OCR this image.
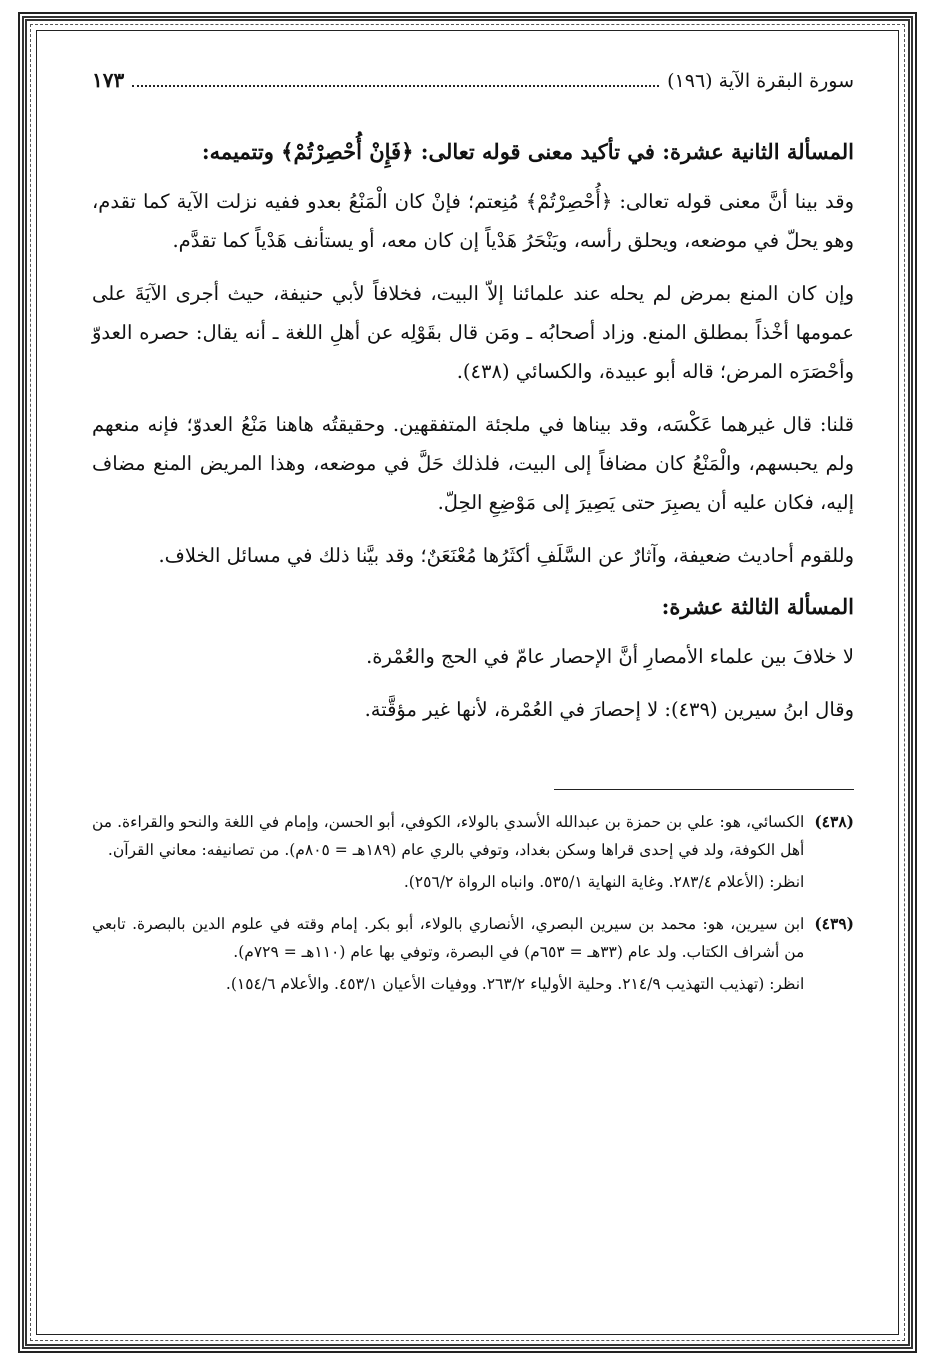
سورة البقرة الآية (١٩٦)
١٧٣
المسألة الثانية عشرة: في تأكيد معنى قوله تعالى: ﴿فَإِنْ أُحْصِرْتُمْ﴾ وتتميمه:

وقد بينا أنَّ معنى قوله تعالى: ﴿أُحْصِرْتُمْ﴾ مُنِعتم؛ فإنْ كان الْمَنْعُ بعدو ففيه نزلت الآية كما تقدم، وهو يحلّ في موضعه، ويحلق رأسه، ويَنْحَرُ هَدْياً إن كان معه، أو يستأنف هَدْياً كما تقدَّم.

وإن كان المنع بمرض لم يحله عند علمائنا إلاّ البيت، فخلافاً لأبي حنيفة، حيث أجرى الآيَةَ على عمومها أخْذاً بمطلق المنع. وزاد أصحابُه ـ ومَن قال بقَوْلِه عن أهلِ اللغة ـ أنه يقال: حصره العدوّ وأحْصَرَه المرض؛ قاله أبو عبيدة، والكسائي (٤٣٨).

قلنا: قال غيرهما عَكْسَه، وقد بيناها في ملجئة المتفقهين. وحقيقتُه هاهنا مَنْعُ العدوّ؛ فإنه منعهم ولم يحبسهم، والْمَنْعُ كان مضافاً إلى البيت، فلذلك حَلَّ في موضعه، وهذا المريض المنع مضاف إليه، فكان عليه أن يصبِرَ حتى يَصِيرَ إلى مَوْضِعِ الحِلّ.

وللقوم أحاديث ضعيفة، وآثارٌ عن السَّلَفِ أكثَرُها مُعْنَعَنٌ؛ وقد بيَّنا ذلك في مسائل الخلاف.

المسألة الثالثة عشرة:

لا خلافَ بين علماء الأمصارِ أنَّ الإحصار عامّ في الحج والعُمْرة.

وقال ابنُ سيرين (٤٣٩): لا إحصارَ في العُمْرة، لأنها غير مؤقَّتة.

(٤٣٨)

الكسائي، هو: علي بن حمزة بن عبدالله الأسدي بالولاء، الكوفي، أبو الحسن، وإمام في اللغة والنحو والقراءة. من أهل الكوفة، ولد في إحدى قراها وسكن بغداد، وتوفي بالري عام (١٨٩هـ = ٨٠٥م). من تصانيفه: معاني القرآن.

انظر: (الأعلام ٢٨٣/٤. وغاية النهاية ٥٣٥/١. وانباه الرواة ٢٥٦/٢).

(٤٣٩)

ابن سيرين، هو: محمد بن سيرين البصري، الأنصاري بالولاء، أبو بكر. إمام وقته في علوم الدين بالبصرة. تابعي من أشراف الكتاب. ولد عام (٣٣هـ = ٦٥٣م) في البصرة، وتوفي بها عام (١١٠هـ = ٧٢٩م).

انظر: (تهذيب التهذيب ٢١٤/٩. وحلية الأولياء ٢٦٣/٢. ووفيات الأعيان ٤٥٣/١. والأعلام ١٥٤/٦).
